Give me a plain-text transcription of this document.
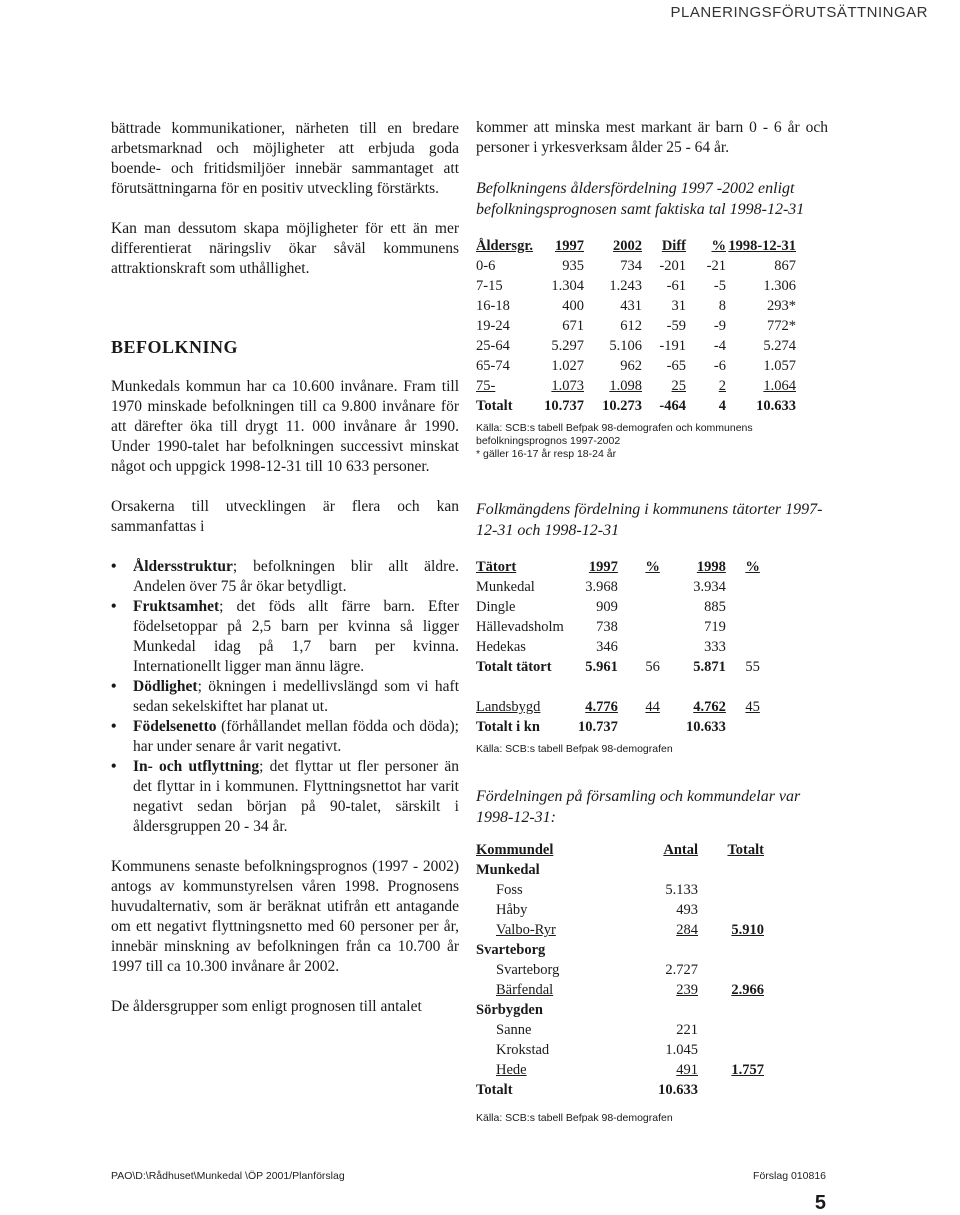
PLANERINGSFÖRUTSÄTTNINGAR

bättrade kommunikationer, närheten till en bredare arbetsmarknad och möjligheter att erbjuda goda boende- och fritidsmiljöer innebär sammantaget att förutsättningarna för en positiv utveckling förstärkts.

Kan man dessutom skapa möjligheter för ett än mer differentierat näringsliv ökar såväl kommunens attraktionskraft som uthållighet.

BEFOLKNING

Munkedals kommun har ca 10.600 invånare. Fram till 1970 minskade befolkningen till ca 9.800 invånare för att därefter öka till drygt 11. 000 invånare år 1990. Under 1990-talet har befolkningen successivt minskat något och uppgick 1998-12-31 till 10 633 personer.

Orsakerna till utvecklingen är flera och kan sammanfattas i

• Åldersstruktur; befolkningen blir allt äldre. Andelen över 75 år ökar betydligt.
• Fruktsamhet; det föds allt färre barn. Efter födelsetoppar på 2,5 barn per kvinna så ligger Munkedal idag på 1,7 barn per kvinna. Internationellt ligger man ännu lägre.
• Dödlighet; ökningen i medellivslängd som vi haft sedan sekelskiftet har planat ut.
• Födelsenetto (förhållandet mellan födda och döda); har under senare år varit negativt.
• In- och utflyttning; det flyttar ut fler personer än det flyttar in i kommunen. Flyttningsnettot har varit negativt sedan början på 90-talet, särskilt i åldersgruppen 20 - 34 år.

Kommunens senaste befolkningsprognos (1997 - 2002) antogs av kommunstyrelsen våren 1998. Prognosens huvudalternativ, som är beräknat utifrån ett antagande om ett negativt flyttningsnetto med 60 personer per år, innebär minskning av befolkningen från ca 10.700 år 1997 till ca 10.300 invånare år 2002.

De åldersgrupper som enligt prognosen till antalet

kommer att minska mest markant är barn 0 - 6 år och personer i yrkesverksam ålder 25 - 64 år.

Befolkningens åldersfördelning 1997 -2002 enligt befolkningsprognosen samt faktiska tal 1998-12-31
Åldersgr.	1997	2002	Diff	%	1998-12-31
0-6	935	734	-201	-21	867
7-15	1.304	1.243	-61	-5	1.306
16-18	400	431	31	8	293*
19-24	671	612	-59	-9	772*
25-64	5.297	5.106	-191	-4	5.274
65-74	1.027	962	-65	-6	1.057
75-	1.073	1.098	25	2	1.064
Totalt	10.737	10.273	-464	4	10.633
Källa: SCB:s tabell Befpak 98-demografen och kommunens befolkningsprognos 1997-2002
* gäller 16-17 år resp 18-24 år
Folkmängdens fördelning i kommunens tätorter 1997-12-31 och 1998-12-31
Tätort	1997	%	1998	%
Munkedal	3.968		3.934	
Dingle	909		885	
Hällevadsholm	738		719	
Hedekas	346		333	
Totalt tätort	5.961	56	5.871	55

Landsbygd	4.776	44	4.762	45
Totalt i kn	10.737		10.633	
Källa: SCB:s tabell Befpak 98-demografen
Fördelningen på församling och kommundelar var 1998-12-31:
Kommundel	Antal	Totalt
Munkedal		
Foss	5.133	
Håby	493	
Valbo-Ryr	284	5.910
Svarteborg		
Svarteborg	2.727	
Bärfendal	239	2.966
Sörbygden		
Sanne	221	
Krokstad	1.045	
Hede	491	1.757
Totalt	10.633	
Källa: SCB:s tabell Befpak 98-demografen
PAO\D:\Rådhuset\Munkedal \ÖP 2001/Planförslag	Förslag 010816
5
